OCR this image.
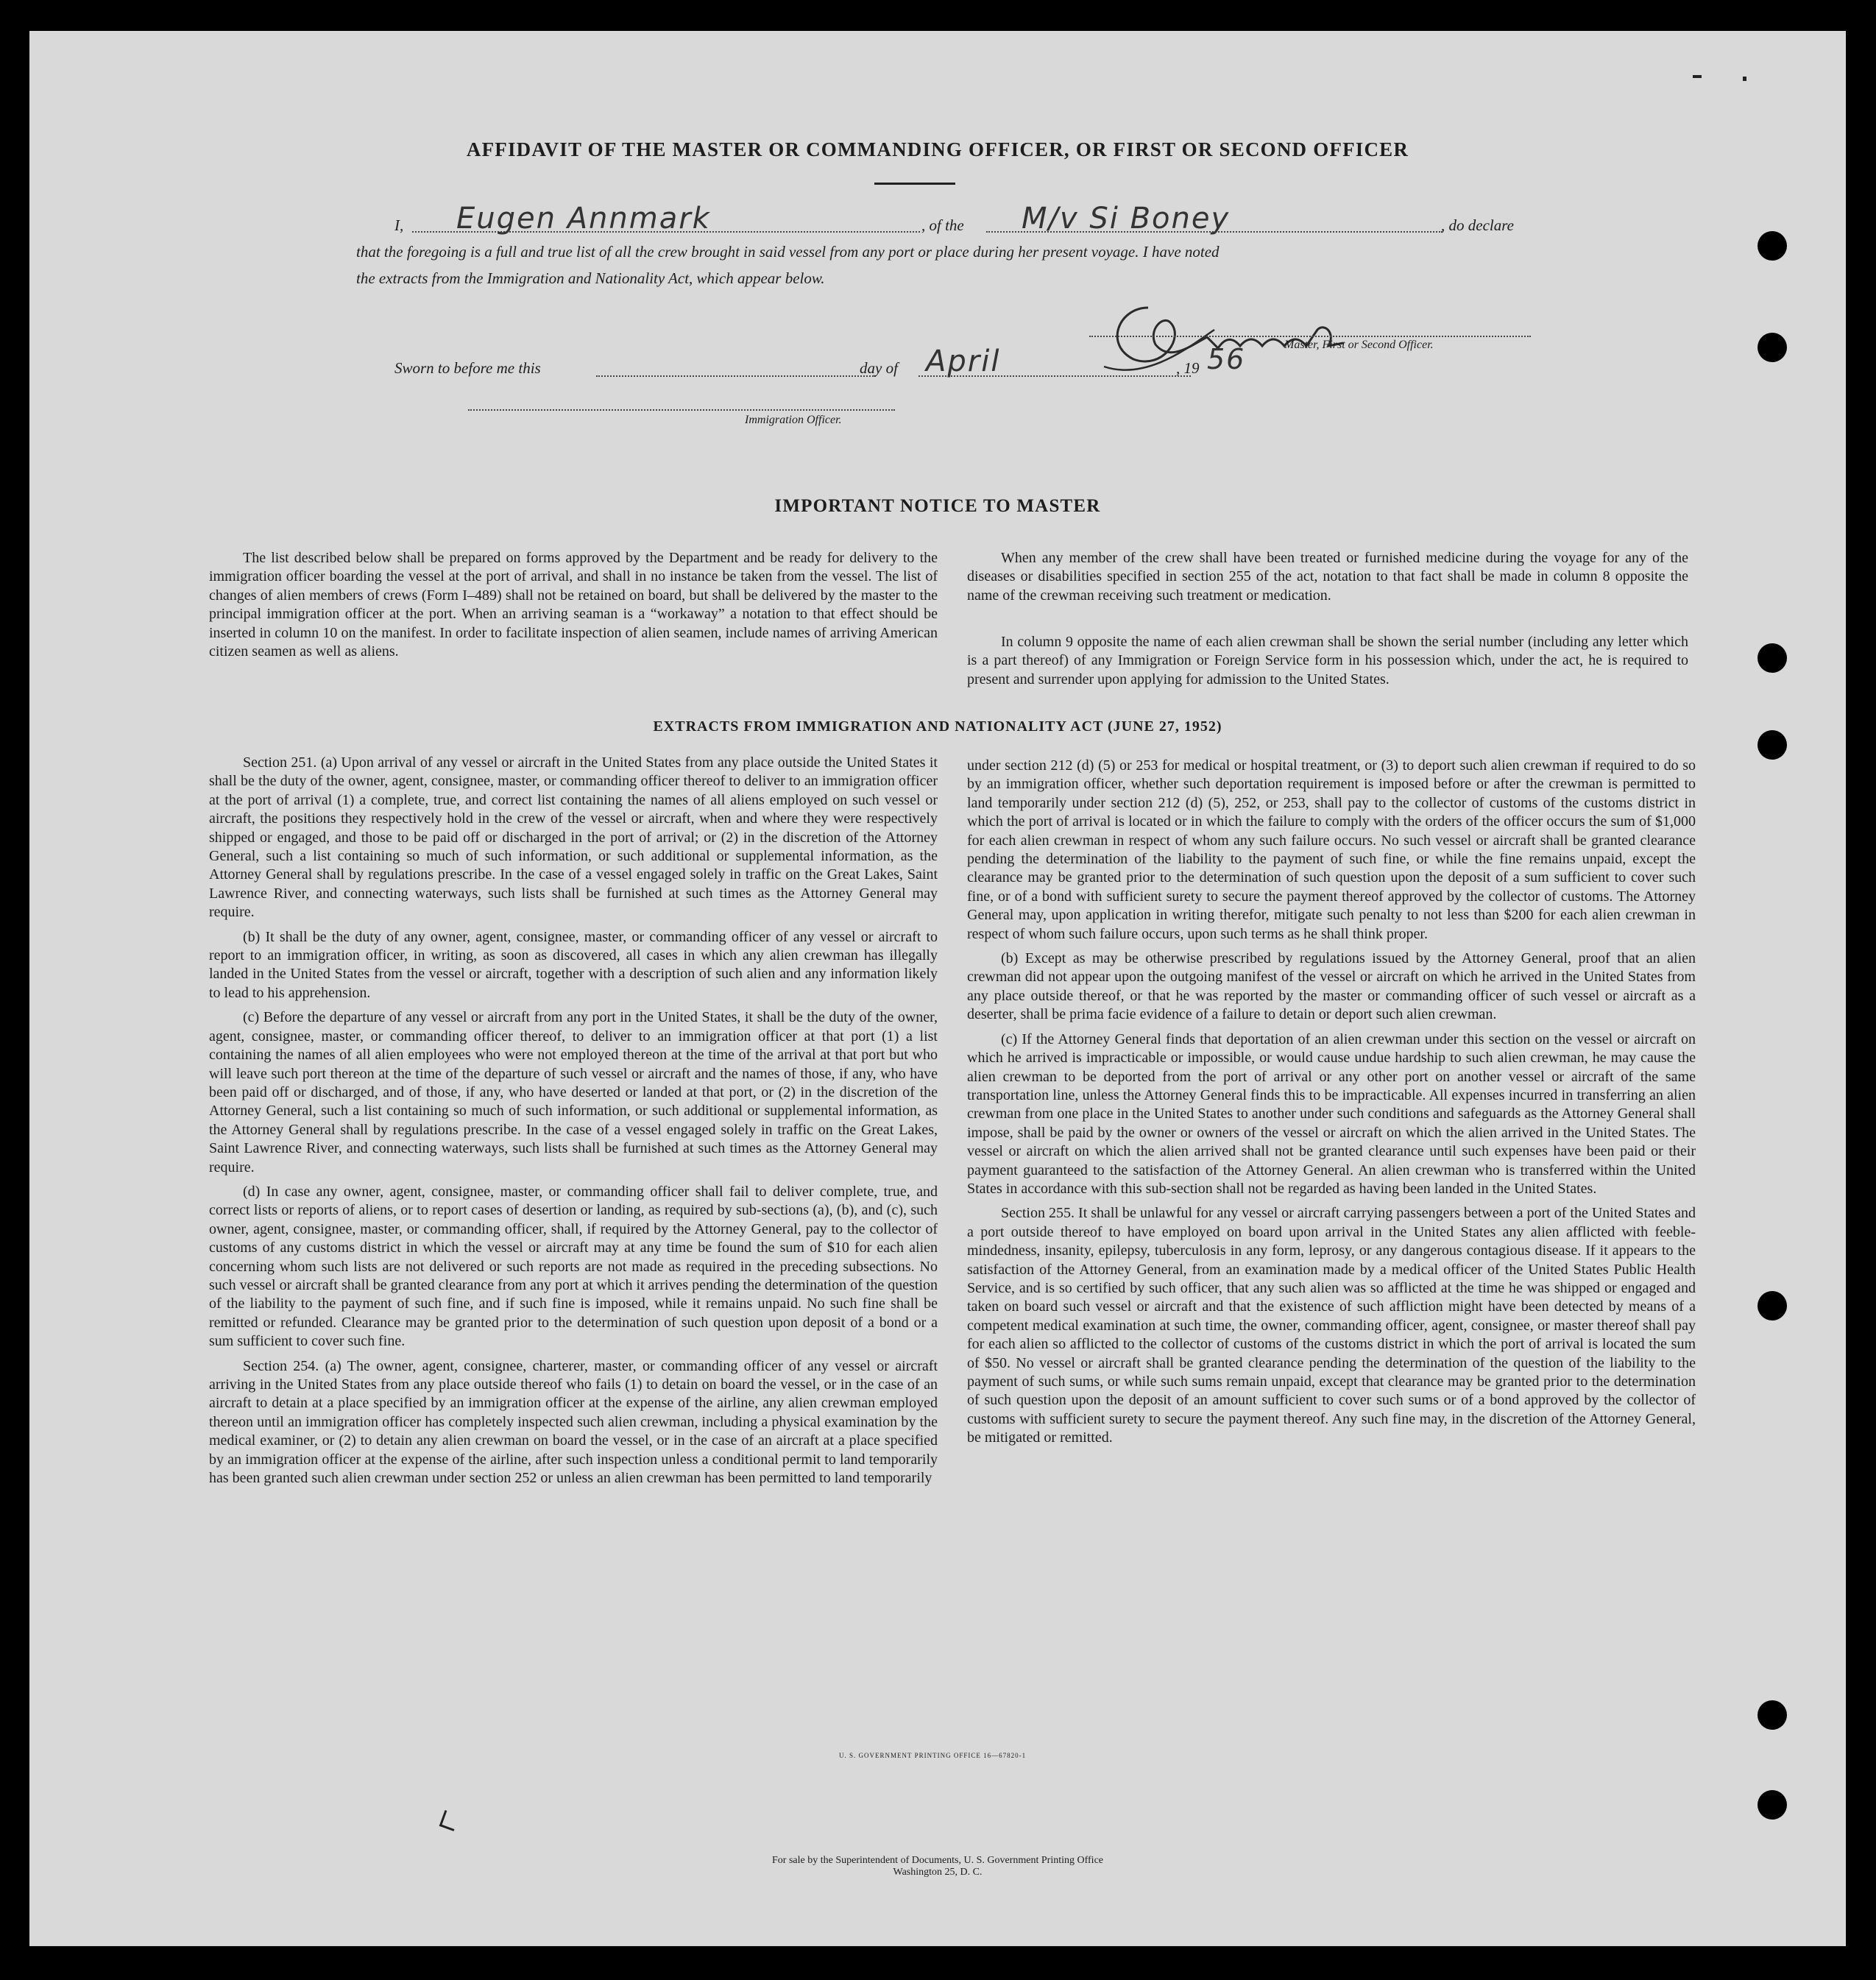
AFFIDAVIT OF THE MASTER OR COMMANDING OFFICER, OR FIRST OR SECOND OFFICER
I, Eugen Annmark	, of the M/v Si Boney	, do declare
that the foregoing is a full and true list of all the crew brought in said vessel from any port or place during her present voyage. I have noted
the extracts from the Immigration and Nationality Act, which appear below.
Master, First or Second Officer.
Sworn to before me this	day of April	, 19 56
Immigration Officer.
IMPORTANT NOTICE TO MASTER

The list described below shall be prepared on forms approved by the Department and be ready for delivery to the immigration officer boarding the vessel at the port of arrival, and shall in no instance be taken from the vessel. The list of changes of alien members of crews (Form I–489) shall not be retained on board, but shall be delivered by the master to the principal immigration officer at the port. When an arriving seaman is a “workaway” a notation to that effect should be inserted in column 10 on the manifest. In order to facilitate inspection of alien seamen, include names of arriving American citizen seamen as well as aliens.

When any member of the crew shall have been treated or furnished medicine during the voyage for any of the diseases or disabilities specified in section 255 of the act, notation to that fact shall be made in column 8 opposite the name of the crewman receiving such treatment or medication.

In column 9 opposite the name of each alien crewman shall be shown the serial number (including any letter which is a part thereof) of any Immigration or Foreign Service form in his possession which, under the act, he is required to present and surrender upon applying for admission to the United States.

EXTRACTS FROM IMMIGRATION AND NATIONALITY ACT (JUNE 27, 1952)

Section 251. (a) Upon arrival of any vessel or aircraft in the United States from any place outside the United States it shall be the duty of the owner, agent, consignee, master, or commanding officer thereof to deliver to an immigration officer at the port of arrival (1) a complete, true, and correct list containing the names of all aliens employed on such vessel or aircraft, the positions they respectively hold in the crew of the vessel or aircraft, when and where they were respectively shipped or engaged, and those to be paid off or discharged in the port of arrival; or (2) in the discretion of the Attorney General, such a list containing so much of such information, or such additional or supplemental information, as the Attorney General shall by regulations prescribe. In the case of a vessel engaged solely in traffic on the Great Lakes, Saint Lawrence River, and connecting waterways, such lists shall be furnished at such times as the Attorney General may require.

(b) It shall be the duty of any owner, agent, consignee, master, or commanding officer of any vessel or aircraft to report to an immigration officer, in writing, as soon as discovered, all cases in which any alien crewman has illegally landed in the United States from the vessel or aircraft, together with a description of such alien and any information likely to lead to his apprehension.

(c) Before the departure of any vessel or aircraft from any port in the United States, it shall be the duty of the owner, agent, consignee, master, or commanding officer thereof, to deliver to an immigration officer at that port (1) a list containing the names of all alien employees who were not employed thereon at the time of the arrival at that port but who will leave such port thereon at the time of the departure of such vessel or aircraft and the names of those, if any, who have been paid off or discharged, and of those, if any, who have deserted or landed at that port, or (2) in the discretion of the Attorney General, such a list containing so much of such information, or such additional or supplemental information, as the Attorney General shall by regulations prescribe. In the case of a vessel engaged solely in traffic on the Great Lakes, Saint Lawrence River, and connecting waterways, such lists shall be furnished at such times as the Attorney General may require.

(d) In case any owner, agent, consignee, master, or commanding officer shall fail to deliver complete, true, and correct lists or reports of aliens, or to report cases of desertion or landing, as required by sub-sections (a), (b), and (c), such owner, agent, consignee, master, or commanding officer, shall, if required by the Attorney General, pay to the collector of customs of any customs district in which the vessel or aircraft may at any time be found the sum of $10 for each alien concerning whom such lists are not delivered or such reports are not made as required in the preceding subsections. No such vessel or aircraft shall be granted clearance from any port at which it arrives pending the determination of the question of the liability to the payment of such fine, and if such fine is imposed, while it remains unpaid. No such fine shall be remitted or refunded. Clearance may be granted prior to the determination of such question upon deposit of a bond or a sum sufficient to cover such fine.

Section 254. (a) The owner, agent, consignee, charterer, master, or commanding officer of any vessel or aircraft arriving in the United States from any place outside thereof who fails (1) to detain on board the vessel, or in the case of an aircraft to detain at a place specified by an immigration officer at the expense of the airline, any alien crewman employed thereon until an immigration officer has completely inspected such alien crewman, including a physical examination by the medical examiner, or (2) to detain any alien crewman on board the vessel, or in the case of an aircraft at a place specified by an immigration officer at the expense of the airline, after such inspection unless a conditional permit to land temporarily has been granted such alien crewman under section 252 or unless an alien crewman has been permitted to land temporarily

under section 212 (d) (5) or 253 for medical or hospital treatment, or (3) to deport such alien crewman if required to do so by an immigration officer, whether such deportation requirement is imposed before or after the crewman is permitted to land temporarily under section 212 (d) (5), 252, or 253, shall pay to the collector of customs of the customs district in which the port of arrival is located or in which the failure to comply with the orders of the officer occurs the sum of $1,000 for each alien crewman in respect of whom any such failure occurs. No such vessel or aircraft shall be granted clearance pending the determination of the liability to the payment of such fine, or while the fine remains unpaid, except the clearance may be granted prior to the determination of such question upon the deposit of a sum sufficient to cover such fine, or of a bond with sufficient surety to secure the payment thereof approved by the collector of customs. The Attorney General may, upon application in writing therefor, mitigate such penalty to not less than $200 for each alien crewman in respect of whom such failure occurs, upon such terms as he shall think proper.

(b) Except as may be otherwise prescribed by regulations issued by the Attorney General, proof that an alien crewman did not appear upon the outgoing manifest of the vessel or aircraft on which he arrived in the United States from any place outside thereof, or that he was reported by the master or commanding officer of such vessel or aircraft as a deserter, shall be prima facie evidence of a failure to detain or deport such alien crewman.

(c) If the Attorney General finds that deportation of an alien crewman under this section on the vessel or aircraft on which he arrived is impracticable or impossible, or would cause undue hardship to such alien crewman, he may cause the alien crewman to be deported from the port of arrival or any other port on another vessel or aircraft of the same transportation line, unless the Attorney General finds this to be impracticable. All expenses incurred in transferring an alien crewman from one place in the United States to another under such conditions and safeguards as the Attorney General shall impose, shall be paid by the owner or owners of the vessel or aircraft on which the alien arrived in the United States. The vessel or aircraft on which the alien arrived shall not be granted clearance until such expenses have been paid or their payment guaranteed to the satisfaction of the Attorney General. An alien crewman who is transferred within the United States in accordance with this sub-section shall not be regarded as having been landed in the United States.

Section 255. It shall be unlawful for any vessel or aircraft carrying passengers between a port of the United States and a port outside thereof to have employed on board upon arrival in the United States any alien afflicted with feeble-mindedness, insanity, epilepsy, tuberculosis in any form, leprosy, or any dangerous contagious disease. If it appears to the satisfaction of the Attorney General, from an examination made by a medical officer of the United States Public Health Service, and is so certified by such officer, that any such alien was so afflicted at the time he was shipped or engaged and taken on board such vessel or aircraft and that the existence of such affliction might have been detected by means of a competent medical examination at such time, the owner, commanding officer, agent, consignee, or master thereof shall pay for each alien so afflicted to the collector of customs of the customs district in which the port of arrival is located the sum of $50. No vessel or aircraft shall be granted clearance pending the determination of the question of the liability to the payment of such sums, or while such sums remain unpaid, except that clearance may be granted prior to the determination of such question upon the deposit of an amount sufficient to cover such sums or of a bond approved by the collector of customs with sufficient surety to secure the payment thereof. Any such fine may, in the discretion of the Attorney General, be mitigated or remitted.

U. S. GOVERNMENT PRINTING OFFICE 16—67820-1
For sale by the Superintendent of Documents, U. S. Government Printing Office
Washington 25, D. C.
